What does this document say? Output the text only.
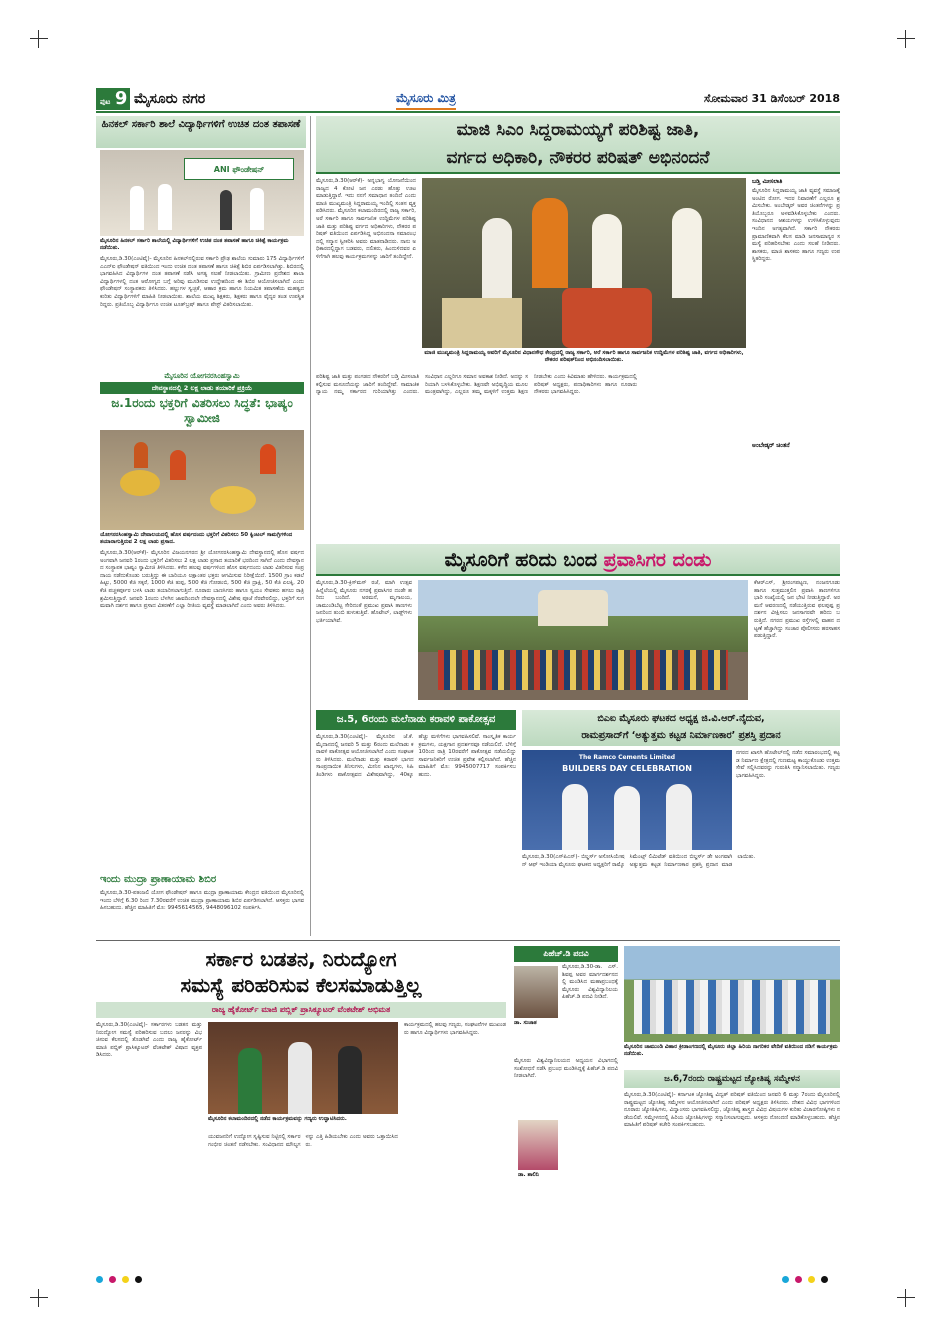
ಪುಟ 9 ಮೈಸೂರು ನಗರ	ಮೈಸೂರು ಮಿತ್ರ	ಸೋಮವಾರ 31 ಡಿಸೆಂಬರ್ 2018
ಹಿನಕಲ್ ಸರ್ಕಾರಿ ಶಾಲೆ ವಿದ್ಯಾರ್ಥಿಗಳಿಗೆ ಉಚಿತ ದಂತ ತಪಾಸಣೆ
ANI ಫೌಂಡೇಷನ್
ಮೈಸೂರಿನ ಹಿನಕಲ್ ಸರ್ಕಾರಿ ಶಾಲೆಯಲ್ಲಿ ವಿದ್ಯಾರ್ಥಿಗಳಿಗೆ ಉಚಿತ ದಂತ ತಪಾಸಣೆ ಹಾಗೂ ಚಿಕಿತ್ಸೆ ಕಾರ್ಯಕ್ರಮ ನಡೆಯಿತು.
ಮೈಸೂರು,ಡಿ.30(ಎಂಟಿವೈ)- ಮೈಸೂರಿನ ಹಿನಕಲ್‌ನಲ್ಲಿರುವ ಸರ್ಕಾರಿ ಪ್ರೌಢ ಶಾಲೆಯ ಸುಮಾರು 175 ವಿದ್ಯಾರ್ಥಿಗಳಿಗೆ ಎಎನ್‌ಐ ಫೌಂಡೇಷನ್ ವತಿಯಿಂದ ಇಂದು ಉಚಿತ ದಂತ ತಪಾಸಣೆ ಹಾಗೂ ಚಿಕಿತ್ಸೆ ಶಿಬಿರ ಏರ್ಪಡಿಸಲಾಗಿತ್ತು. ಶಿಬಿರದಲ್ಲಿ ಭಾಗವಹಿಸಿದ ವಿದ್ಯಾರ್ಥಿಗಳ ದಂತ ತಪಾಸಣೆ ನಡೆಸಿ ಅಗತ್ಯ ಸಲಹೆ ನೀಡಲಾಯಿತು. ಗ್ರಾಮೀಣ ಪ್ರದೇಶದ ಶಾಲಾ ವಿದ್ಯಾರ್ಥಿಗಳಲ್ಲಿ ದಂತ ಆರೋಗ್ಯದ ಬಗ್ಗೆ ಅರಿವು ಮೂಡಿಸುವ ಉದ್ದೇಶದಿಂದ ಈ ಶಿಬಿರ ಆಯೋಜಿಸಲಾಗಿದೆ ಎಂದು ಫೌಂಡೇಷನ್ ಸಂಸ್ಥಾಪಕರು ತಿಳಿಸಿದರು. ಹಲ್ಲುಗಳ ಸ್ವಚ್ಛತೆ, ಆಹಾರ ಕ್ರಮ ಹಾಗೂ ನಿಯಮಿತ ತಪಾಸಣೆಯ ಮಹತ್ವದ ಕುರಿತು ವಿದ್ಯಾರ್ಥಿಗಳಿಗೆ ಮಾಹಿತಿ ನೀಡಲಾಯಿತು. ಶಾಲೆಯ ಮುಖ್ಯ ಶಿಕ್ಷಕರು, ಶಿಕ್ಷಕರು ಹಾಗೂ ವೈದ್ಯರ ತಂಡ ಉಪಸ್ಥಿತರಿದ್ದರು. ಪ್ರತಿಯೊಬ್ಬ ವಿದ್ಯಾರ್ಥಿಗೂ ಉಚಿತ ಟೂತ್‌ಬ್ರಷ್ ಹಾಗೂ ಪೇಸ್ಟ್ ವಿತರಿಸಲಾಯಿತು.
ಮೈಸೂರಿನ ಯೋಗನರಸಿಂಹಸ್ವಾಮಿ
ದೇವಸ್ಥಾನದಲ್ಲಿ 2 ಲಕ್ಷ ಲಾಡು ತಯಾರಿಕೆ ಪ್ರಕ್ರಿಯೆ
ಜ.1ರಂದು ಭಕ್ತರಿಗೆ ವಿತರಿಸಲು ಸಿದ್ಧತೆ: ಭಾಷ್ಯಂ ಸ್ವಾಮೀಜಿ
ಯೋಗನರಸಿಂಹಸ್ವಾಮಿ ದೇವಾಲಯದಲ್ಲಿ ಹೊಸ ವರ್ಷದಂದು ಭಕ್ತರಿಗೆ ವಿತರಿಸಲು 50 ಕ್ವಿಂಟಲ್ ಸಾಮಗ್ರಿಗಳಿಂದ ತಯಾರಾಗುತ್ತಿರುವ 2 ಲಕ್ಷ ಲಾಡು ಪ್ರಸಾದ.
ಮೈಸೂರು,ಡಿ.30(ಆರ್‌ಕೆ)- ಮೈಸೂರಿನ ವಿಜಯನಗರದ ಶ್ರೀ ಯೋಗನರಸಿಂಹಸ್ವಾಮಿ ದೇವಸ್ಥಾನದಲ್ಲಿ ಹೊಸ ವರ್ಷದ ಅಂಗವಾಗಿ ಜನವರಿ 1ರಂದು ಭಕ್ತರಿಗೆ ವಿತರಿಸಲು 2 ಲಕ್ಷ ಲಾಡು ಪ್ರಸಾದ ತಯಾರಿಕೆ ಭರದಿಂದ ಸಾಗಿದೆ ಎಂದು ದೇವಸ್ಥಾನದ ಸಂಸ್ಥಾಪಕ ಭಾಷ್ಯಂ ಸ್ವಾಮೀಜಿ ತಿಳಿಸಿದರು. ಕಳೆದ ಹಲವು ವರ್ಷಗಳಿಂದ ಹೊಸ ವರ್ಷದಂದು ಲಾಡು ವಿತರಿಸುವ ಸಂಪ್ರದಾಯ ನಡೆದುಕೊಂಡು ಬರುತ್ತಿದ್ದು ಈ ಬಾರಿಯೂ ಲಕ್ಷಾಂತರ ಭಕ್ತರು ಆಗಮಿಸುವ ನಿರೀಕ್ಷೆಯಿದೆ. 1500 ಗ್ರಾಂ ಕಡಲೆ ಹಿಟ್ಟು, 5000 ಕೆಜಿ ಸಕ್ಕರೆ, 1000 ಕೆಜಿ ತುಪ್ಪ, 500 ಕೆಜಿ ಗೋಡಂಬಿ, 500 ಕೆಜಿ ದ್ರಾಕ್ಷಿ, 50 ಕೆಜಿ ಏಲಕ್ಕಿ, 20 ಕೆಜಿ ಪಚ್ಚಕರ್ಪೂರ ಬಳಸಿ ಲಾಡು ತಯಾರಿಸಲಾಗುತ್ತಿದೆ. ನೂರಾರು ಬಾಣಸಿಗರು ಹಾಗೂ ಸ್ವಯಂ ಸೇವಕರು ಹಗಲು ರಾತ್ರಿ ಶ್ರಮಿಸುತ್ತಿದ್ದಾರೆ. ಜನವರಿ 1ರಂದು ಬೆಳಗಿನ ಜಾವದಿಂದಲೇ ದೇವಸ್ಥಾನದಲ್ಲಿ ವಿಶೇಷ ಪೂಜೆ ನೆರವೇರಲಿದ್ದು, ಭಕ್ತರಿಗೆ ಸುಗಮವಾಗಿ ದರ್ಶನ ಹಾಗೂ ಪ್ರಸಾದ ವಿತರಣೆಗೆ ಎಲ್ಲಾ ರೀತಿಯ ವ್ಯವಸ್ಥೆ ಮಾಡಲಾಗಿದೆ ಎಂದು ಅವರು ತಿಳಿಸಿದರು.
ಇಂದು ಮುದ್ರಾ ಪ್ರಾಣಾಯಾಮ ಶಿಬಿರ
ಮೈಸೂರು,ಡಿ.30-ಪತಂಜಲಿ ಯೋಗ ಫೌಂಡೇಷನ್ ಹಾಗೂ ಮುದ್ರಾ ಪ್ರಾಣಾಯಾಮ ಕೇಂದ್ರದ ವತಿಯಿಂದ ಮೈಸೂರಿನಲ್ಲಿ ಇಂದು ಬೆಳಿಗ್ಗೆ 6.30 ರಿಂದ 7.30ರವರೆಗೆ ಉಚಿತ ಮುದ್ರಾ ಪ್ರಾಣಾಯಾಮ ಶಿಬಿರ ಏರ್ಪಡಿಸಲಾಗಿದೆ. ಆಸಕ್ತರು ಭಾಗವಹಿಸಬಹುದು. ಹೆಚ್ಚಿನ ಮಾಹಿತಿಗೆ ಮೊ: 9945614565, 9448096102 ಸಂಪರ್ಕಿಸಿ.
ಮಾಜಿ ಸಿಎಂ ಸಿದ್ದರಾಮಯ್ಯಗೆ ಪರಿಶಿಷ್ಟ ಜಾತಿ,
ವರ್ಗದ ಅಧಿಕಾರಿ, ನೌಕರರ ಪರಿಷತ್ ಅಭಿನಂದನೆ
ಮೈಸೂರು,ಡಿ.30(ಆರ್‌ಕೆ)- ಅನ್ನಭಾಗ್ಯ ಯೋಜನೆಯಿಂದ ರಾಜ್ಯದ 4 ಕೋಟಿ ಜನ ಎರಡು ಹೊತ್ತು ಊಟ ಮಾಡುತ್ತಿದ್ದಾರೆ. ಇದು ನನಗೆ ಸಮಾಧಾನ ತಂದಿದೆ ಎಂದು ಮಾಜಿ ಮುಖ್ಯಮಂತ್ರಿ ಸಿದ್ದರಾಮಯ್ಯ ಇಂದಿಲ್ಲಿ ಸಂತಸ ವ್ಯಕ್ತಪಡಿಸಿದರು. ಮೈಸೂರಿನ ಕಲಾಮಂದಿರದಲ್ಲಿ ರಾಜ್ಯ ಸರ್ಕಾರಿ, ಅರೆ ಸರ್ಕಾರಿ ಹಾಗೂ ಸಾರ್ವಜನಿಕ ಉದ್ದಿಮೆಗಳ ಪರಿಶಿಷ್ಟ ಜಾತಿ ಮತ್ತು ಪರಿಶಿಷ್ಟ ವರ್ಗದ ಅಧಿಕಾರಿಗಳು, ನೌಕರರ ಪರಿಷತ್ ವತಿಯಿಂದ ಏರ್ಪಡಿಸಿದ್ದ ಅಭಿನಂದನಾ ಸಮಾರಂಭದಲ್ಲಿ ಸನ್ಮಾನ ಸ್ವೀಕರಿಸಿ ಅವರು ಮಾತನಾಡಿದರು. ನಾನು ಅಧಿಕಾರದಲ್ಲಿದ್ದಾಗ ಬಡವರು, ದಲಿತರು, ಹಿಂದುಳಿದವರ ಏಳಿಗೆಗಾಗಿ ಹಲವು ಕಾರ್ಯಕ್ರಮಗಳನ್ನು ಜಾರಿಗೆ ತಂದಿದ್ದೇನೆ.
ಮಾಜಿ ಮುಖ್ಯಮಂತ್ರಿ ಸಿದ್ದರಾಮಯ್ಯ ಅವರಿಗೆ ಮೈಸೂರಿನ ವಿಧಾನಸೌಧ ಕೇಂದ್ರದಲ್ಲಿ ರಾಜ್ಯ ಸರ್ಕಾರಿ, ಅರೆ ಸರ್ಕಾರಿ ಹಾಗೂ ಸಾರ್ವಜನಿಕ ಉದ್ದಿಮೆಗಳ ಪರಿಶಿಷ್ಟ ಜಾತಿ, ವರ್ಗದ ಅಧಿಕಾರಿಗಳು, ನೌಕರರ ಪರಿಷತ್‌ನಿಂದ ಅಭಿನಂದಿಸಲಾಯಿತು.
ಪರಿಶಿಷ್ಟ ಜಾತಿ ಮತ್ತು ಪಂಗಡದ ನೌಕರರಿಗೆ ಬಡ್ತಿ ಮೀಸಲಾತಿ ಕಲ್ಪಿಸುವ ಮಸೂದೆಯನ್ನು ಜಾರಿಗೆ ತಂದಿದ್ದೇವೆ. ಸಾಮಾಜಿಕ ನ್ಯಾಯ ನಮ್ಮ ಸರ್ಕಾರದ ಗುರಿಯಾಗಿತ್ತು ಎಂದರು. ಸಂವಿಧಾನ ಎಲ್ಲರಿಗೂ ಸಮಾನ ಅವಕಾಶ ನೀಡಿದೆ. ಅದನ್ನು ಸರಿಯಾಗಿ ಬಳಸಿಕೊಳ್ಳಬೇಕು. ಶಿಕ್ಷಣವೇ ಅಭಿವೃದ್ಧಿಯ ಮೂಲ ಮಂತ್ರವಾಗಿದ್ದು, ಎಲ್ಲರೂ ತಮ್ಮ ಮಕ್ಕಳಿಗೆ ಉತ್ತಮ ಶಿಕ್ಷಣ ನೀಡಬೇಕು ಎಂದು ಕಿವಿಮಾತು ಹೇಳಿದರು. ಕಾರ್ಯಕ್ರಮದಲ್ಲಿ ಪರಿಷತ್ ಅಧ್ಯಕ್ಷರು, ಪದಾಧಿಕಾರಿಗಳು ಹಾಗೂ ನೂರಾರು ನೌಕರರು ಭಾಗವಹಿಸಿದ್ದರು.
ಬಡ್ತಿ ಮೀಸಲಾತಿ
ಮೈಸೂರಿನ ಸಿದ್ದರಾಮಯ್ಯ ಜಾತಿ ವ್ಯವಸ್ಥೆ ಸಮಾಜಕ್ಕೆ ಅಂಟಿದ ರೋಗ. ಇದರ ನಿವಾರಣೆಗೆ ಎಲ್ಲರೂ ಶ್ರಮಿಸಬೇಕು. ಅಂಬೇಡ್ಕರ್ ಅವರ ಚಿಂತನೆಗಳನ್ನು ಪ್ರತಿಯೊಬ್ಬರೂ ಅಳವಡಿಸಿಕೊಳ್ಳಬೇಕು ಎಂದರು. ಸಂವಿಧಾನದ ಆಶಯಗಳನ್ನು ಉಳಿಸಿಕೊಳ್ಳುವುದು ಇಂದಿನ ಅಗತ್ಯವಾಗಿದೆ. ಸರ್ಕಾರಿ ನೌಕರರು ಪ್ರಾಮಾಣಿಕವಾಗಿ ಕೆಲಸ ಮಾಡಿ ಜನಸಾಮಾನ್ಯರ ಸಮಸ್ಯೆ ಪರಿಹರಿಸಬೇಕು ಎಂದು ಸಲಹೆ ನೀಡಿದರು. ಶಾಸಕರು, ಮಾಜಿ ಶಾಸಕರು ಹಾಗೂ ಗಣ್ಯರು ಉಪಸ್ಥಿತರಿದ್ದರು.
ಅಂಬೇಡ್ಕರ್ ಚಿಂತನೆ
ಮೈಸೂರಿಗೆ ಹರಿದು ಬಂದ ಪ್ರವಾಸಿಗರ ದಂಡು
ಮೈಸೂರು,ಡಿ.30-ಕ್ರಿಸ್‌ಮಸ್ ರಜೆ, ಮಾಗಿ ಉತ್ಸವ ಹಿನ್ನೆಲೆಯಲ್ಲಿ ಮೈಸೂರು ನಗರಕ್ಕೆ ಪ್ರವಾಸಿಗರ ದಂಡೇ ಹರಿದು ಬಂದಿದೆ. ಅರಮನೆ, ಮೃಗಾಲಯ, ಚಾಮುಂಡಿಬೆಟ್ಟ ಸೇರಿದಂತೆ ಪ್ರಮುಖ ಪ್ರವಾಸಿ ತಾಣಗಳು ಜನರಿಂದ ತುಂಬಿ ತುಳುಕುತ್ತಿವೆ. ಹೊಟೇಲ್, ಲಾಡ್ಜ್‌ಗಳು ಭರ್ತಿಯಾಗಿವೆ.
ಕೆಆರ್‌ಎಸ್, ಶ್ರೀರಂಗಪಟ್ಟಣ, ನಂಜನಗೂಡು ಹಾಗೂ ಸುತ್ತಮುತ್ತಲಿನ ಪ್ರವಾಸಿ ತಾಣಗಳಿಗೂ ಭಾರಿ ಸಂಖ್ಯೆಯಲ್ಲಿ ಜನ ಭೇಟಿ ನೀಡುತ್ತಿದ್ದಾರೆ. ಅರಮನೆ ಆವರಣದಲ್ಲಿ ನಡೆಯುತ್ತಿರುವ ಫಲಪುಷ್ಪ ಪ್ರದರ್ಶನ ವೀಕ್ಷಿಸಲು ಜನಸಾಗರವೇ ಹರಿದು ಬರುತ್ತಿದೆ. ನಗರದ ಪ್ರಮುಖ ರಸ್ತೆಗಳಲ್ಲಿ ವಾಹನ ದಟ್ಟಣೆ ಹೆಚ್ಚಾಗಿದ್ದು ಸಂಚಾರ ಪೊಲೀಸರು ಹರಸಾಹಸಪಡುತ್ತಿದ್ದಾರೆ.
ಜ.5, 6ರಂದು ಮಲೆನಾಡು ಕರಾವಳಿ ಪಾಕೋತ್ಸವ
ಮೈಸೂರು,ಡಿ.30(ಎಂಟಿವೈ)- ಮೈಸೂರಿನ ಜೆ.ಕೆ.ಮೈದಾನದಲ್ಲಿ ಜನವರಿ 5 ಮತ್ತು 6ರಂದು ಮಲೆನಾಡು ಕರಾವಳಿ ಪಾಕೋತ್ಸವ ಆಯೋಜಿಸಲಾಗಿದೆ ಎಂದು ಸಂಘಟಕರು ತಿಳಿಸಿದರು. ಮಲೆನಾಡು ಮತ್ತು ಕರಾವಳಿ ಭಾಗದ ಸಾಂಪ್ರದಾಯಿಕ ತಿನಿಸುಗಳು, ಮೀನಿನ ಖಾದ್ಯಗಳು, ಸಿಹಿ ತಿಂಡಿಗಳು ಪಾಕೋತ್ಸವದ ವಿಶೇಷವಾಗಿದ್ದು, 40ಕ್ಕೂ ಹೆಚ್ಚು ಮಳಿಗೆಗಳು ಭಾಗವಹಿಸಲಿವೆ. ಸಾಂಸ್ಕೃತಿಕ ಕಾರ್ಯಕ್ರಮಗಳು, ಯಕ್ಷಗಾನ ಪ್ರದರ್ಶನವೂ ನಡೆಯಲಿದೆ. ಬೆಳಿಗ್ಗೆ 10ರಿಂದ ರಾತ್ರಿ 10ರವರೆಗೆ ಪಾಕೋತ್ಸವ ನಡೆಯಲಿದ್ದು ಸಾರ್ವಜನಿಕರಿಗೆ ಉಚಿತ ಪ್ರವೇಶ ಕಲ್ಪಿಸಲಾಗಿದೆ. ಹೆಚ್ಚಿನ ಮಾಹಿತಿಗೆ ಮೊ: 9945007717 ಸಂಪರ್ಕಿಸಬಹುದು.
ಬಿಎಐ ಮೈಸೂರು ಘಟಕದ ಅಧ್ಯಕ್ಷ ಜಿ.ವಿ.ಆರ್.ನೈದುವ,
ರಾಮಪ್ರಸಾದ್‌ಗೆ ‘ಅತ್ಯುತ್ತಮ ಕಟ್ಟಡ ನಿರ್ಮಾಣಕಾರ’ ಪ್ರಶಸ್ತಿ ಪ್ರದಾನ
The Ramco Cements Limited
BUILDERS DAY CELEBRATION
ನಗರದ ಖಾಸಗಿ ಹೊಟೇಲ್‌ನಲ್ಲಿ ನಡೆದ ಸಮಾರಂಭದಲ್ಲಿ ಕಟ್ಟಡ ನಿರ್ಮಾಣ ಕ್ಷೇತ್ರದಲ್ಲಿ ಗುಣಮಟ್ಟ ಕಾಯ್ದುಕೊಂಡು ಉತ್ತಮ ಸೇವೆ ಸಲ್ಲಿಸಿದವರನ್ನು ಗುರುತಿಸಿ ಸನ್ಮಾನಿಸಲಾಯಿತು. ಗಣ್ಯರು ಭಾಗವಹಿಸಿದ್ದರು.
ಮೈಸೂರು,ಡಿ.30(ಎಸ್‌ಪಿಎನ್)- ಬಿಲ್ಡರ್ಸ್ ಅಸೋಸಿಯೇಷನ್ ಆಫ್ ಇಂಡಿಯಾ ಮೈಸೂರು ಘಟಕದ ಅಧ್ಯಕ್ಷರಿಗೆ ರಾಮ್ಕೊ ಸಿಮೆಂಟ್ಸ್ ಲಿಮಿಟೆಡ್ ವತಿಯಿಂದ ಬಿಲ್ಡರ್ಸ್ ಡೇ ಅಂಗವಾಗಿ ಅತ್ಯುತ್ತಮ ಕಟ್ಟಡ ನಿರ್ಮಾಣಕಾರ ಪ್ರಶಸ್ತಿ ಪ್ರದಾನ ಮಾಡಲಾಯಿತು.
ಸರ್ಕಾರ ಬಡತನ, ನಿರುದ್ಯೋಗ
ಸಮಸ್ಯೆ ಪರಿಹರಿಸುವ ಕೆಲಸಮಾಡುತ್ತಿಲ್ಲ
ರಾಜ್ಯ ಹೈಕೋರ್ಟ್ ಮಾಜಿ ಪಬ್ಲಿಕ್ ಪ್ರಾಸಿಕ್ಯೂಟರ್ ವೆಂಕಟೇಶ್ ಅಭಿಮತ
ಮೈಸೂರು,ಡಿ.30(ಎಂಟಿವೈ)- ಸರ್ಕಾರಗಳು ಬಡತನ ಮತ್ತು ನಿರುದ್ಯೋಗ ಸಮಸ್ಯೆ ಪರಿಹರಿಸುವ ಬದಲು ಜನರನ್ನು ವಿಭಜಿಸುವ ಕೆಲಸದಲ್ಲಿ ತೊಡಗಿವೆ ಎಂದು ರಾಜ್ಯ ಹೈಕೋರ್ಟ್ ಮಾಜಿ ಪಬ್ಲಿಕ್ ಪ್ರಾಸಿಕ್ಯೂಟರ್ ವೆಂಕಟೇಶ್ ವಿಷಾದ ವ್ಯಕ್ತಪಡಿಸಿದರು.
ಮೈಸೂರಿನ ಕಲಾಮಂದಿರದಲ್ಲಿ ನಡೆದ ಕಾರ್ಯಕ್ರಮವನ್ನು ಗಣ್ಯರು ಉದ್ಘಾಟಿಸಿದರು.
ಯುವಜನರಿಗೆ ಉದ್ಯೋಗ ಸೃಷ್ಟಿಸುವ ನಿಟ್ಟಿನಲ್ಲಿ ಸರ್ಕಾರ ಗಂಭೀರ ಚಿಂತನೆ ನಡೆಸಬೇಕು. ಸಂವಿಧಾನದ ಮೌಲ್ಯಗಳನ್ನು ಎತ್ತಿ ಹಿಡಿಯಬೇಕು ಎಂದು ಅವರು ಒತ್ತಾಯಿಸಿದರು.
ಕಾರ್ಯಕ್ರಮದಲ್ಲಿ ಹಲವು ಗಣ್ಯರು, ಸಂಘಟನೆಗಳ ಮುಖಂಡರು ಹಾಗೂ ವಿದ್ಯಾರ್ಥಿಗಳು ಭಾಗವಹಿಸಿದ್ದರು.
ಪಿಹೆಚ್.ಡಿ ಪದವಿ
ಮೈಸೂರು,ಡಿ.30-ಡಾ. ಎಸ್. ಶಿವಪ್ಪ ಅವರ ಮಾರ್ಗದರ್ಶನದಲ್ಲಿ ಮಂಡಿಸಿದ ಮಹಾಪ್ರಬಂಧಕ್ಕೆ ಮೈಸೂರು ವಿಶ್ವವಿದ್ಯಾನಿಲಯ ಪಿಹೆಚ್.ಡಿ ಪದವಿ ನೀಡಿದೆ.
ಡಾ. ಸುಜಾತ
ಮೈಸೂರು ವಿಶ್ವವಿದ್ಯಾನಿಲಯದ ಅಧ್ಯಯನ ವಿಭಾಗದಲ್ಲಿ ಸಂಶೋಧನೆ ನಡೆಸಿ ಪ್ರಬಂಧ ಮಂಡಿಸಿದ್ದಕ್ಕೆ ಪಿಹೆಚ್.ಡಿ ಪದವಿ ನೀಡಲಾಗಿದೆ.
ಡಾ. ಶಾಲಿನಿ
ಮೈಸೂರಿನ ಚಾಮುಂಡಿ ವಿಹಾರ ಕ್ರೀಡಾಂಗಣದಲ್ಲಿ ಮೈಸೂರು ಜಿಲ್ಲಾ ಹಿರಿಯ ನಾಗರಿಕರ ವೇದಿಕೆ ವತಿಯಿಂದ ನಡಿಗೆ ಕಾರ್ಯಕ್ರಮ ನಡೆಯಿತು.
ಜ.6,7ರಂದು ರಾಷ್ಟ್ರಮಟ್ಟದ ಜ್ಯೋತಿಷ್ಯ ಸಮ್ಮೇಳನ
ಮೈಸೂರು,ಡಿ.30(ಎಂಟಿವೈ)- ಕರ್ನಾಟಕ ಜ್ಯೋತಿಷ್ಯ ವಿದ್ವತ್ ಪರಿಷತ್ ವತಿಯಿಂದ ಜನವರಿ 6 ಮತ್ತು 7ರಂದು ಮೈಸೂರಿನಲ್ಲಿ ರಾಷ್ಟ್ರಮಟ್ಟದ ಜ್ಯೋತಿಷ್ಯ ಸಮ್ಮೇಳನ ಆಯೋಜಿಸಲಾಗಿದೆ ಎಂದು ಪರಿಷತ್ ಅಧ್ಯಕ್ಷರು ತಿಳಿಸಿದರು. ದೇಶದ ವಿವಿಧ ಭಾಗಗಳಿಂದ ನೂರಾರು ಜ್ಯೋತಿಷಿಗಳು, ವಿದ್ವಾಂಸರು ಭಾಗವಹಿಸಲಿದ್ದು, ಜ್ಯೋತಿಷ್ಯ ಶಾಸ್ತ್ರದ ವಿವಿಧ ವಿಷಯಗಳ ಕುರಿತು ವಿಚಾರಗೋಷ್ಠಿಗಳು ನಡೆಯಲಿವೆ. ಸಮ್ಮೇಳನದಲ್ಲಿ ಹಿರಿಯ ಜ್ಯೋತಿಷಿಗಳನ್ನು ಸನ್ಮಾನಿಸಲಾಗುವುದು. ಆಸಕ್ತರು ನೋಂದಣಿ ಮಾಡಿಕೊಳ್ಳಬಹುದು. ಹೆಚ್ಚಿನ ಮಾಹಿತಿಗೆ ಪರಿಷತ್ ಕಚೇರಿ ಸಂಪರ್ಕಿಸಬಹುದು.
